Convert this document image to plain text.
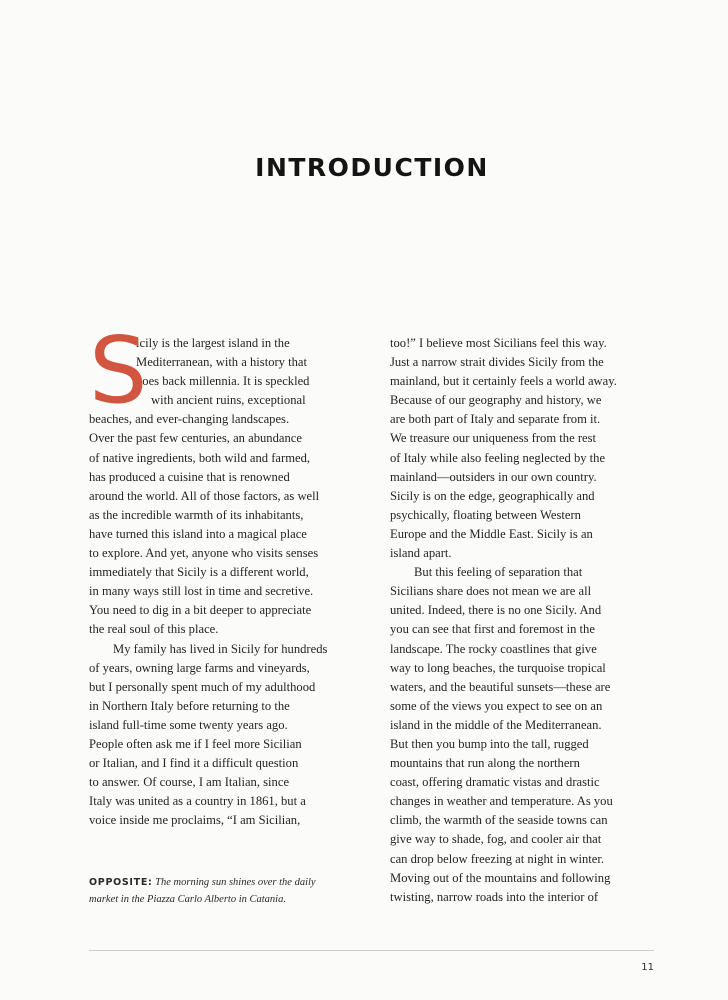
INTRODUCTION
S
icily is the largest island in the
Mediterranean, with a history that
goes back millennia. It is speckled
with ancient ruins, exceptional
beaches, and ever-changing landscapes.
Over the past few centuries, an abundance
of native ingredients, both wild and farmed,
has produced a cuisine that is renowned
around the world. All of those factors, as well
as the incredible warmth of its inhabitants,
have turned this island into a magical place
to explore. And yet, anyone who visits senses
immediately that Sicily is a different world,
in many ways still lost in time and secretive.
You need to dig in a bit deeper to appreciate
the real soul of this place.
My family has lived in Sicily for hundreds
of years, owning large farms and vineyards,
but I personally spent much of my adulthood
in Northern Italy before returning to the
island full-time some twenty years ago.
People often ask me if I feel more Sicilian
or Italian, and I find it a difficult question
to answer. Of course, I am Italian, since
Italy was united as a country in 1861, but a
voice inside me proclaims, “I am Sicilian,
too!” I believe most Sicilians feel this way.
Just a narrow strait divides Sicily from the
mainland, but it certainly feels a world away.
Because of our geography and history, we
are both part of Italy and separate from it.
We treasure our uniqueness from the rest
of Italy while also feeling neglected by the
mainland—outsiders in our own country.
Sicily is on the edge, geographically and
psychically, floating between Western
Europe and the Middle East. Sicily is an
island apart.
But this feeling of separation that
Sicilians share does not mean we are all
united. Indeed, there is no one Sicily. And
you can see that first and foremost in the
landscape. The rocky coastlines that give
way to long beaches, the turquoise tropical
waters, and the beautiful sunsets—these are
some of the views you expect to see on an
island in the middle of the Mediterranean.
But then you bump into the tall, rugged
mountains that run along the northern
coast, offering dramatic vistas and drastic
changes in weather and temperature. As you
climb, the warmth of the seaside towns can
give way to shade, fog, and cooler air that
can drop below freezing at night in winter.
Moving out of the mountains and following
twisting, narrow roads into the interior of
OPPOSITE: The morning sun shines over the daily
market in the Piazza Carlo Alberto in Catania.
11
